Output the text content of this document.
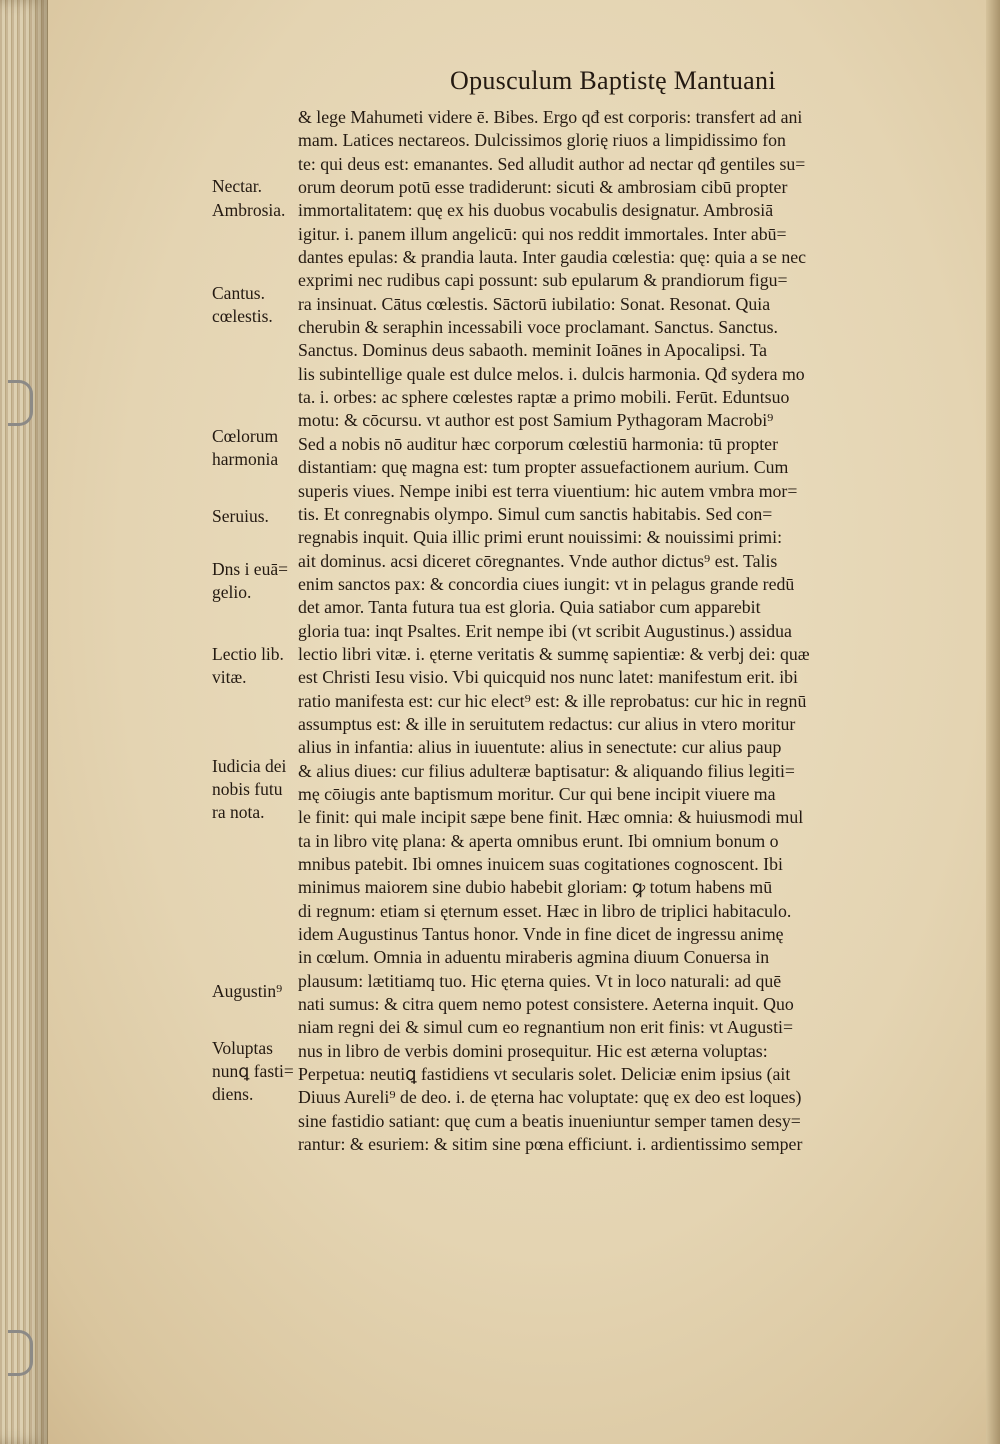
Opusculum Baptistę Mantuani
& lege Mahumeti videre ē. Bibes. Ergo qđ est corporis: transfert ad ani
mam. Latices nectareos. Dulcissimos glorię riuos a limpidissimo fon
te: qui deus est: emanantes. Sed alludit author ad nectar qđ gentiles su=
orum deorum potū esse tradiderunt: sicuti & ambrosiam cibū propter
immortalitatem: quę ex his duobus vocabulis designatur. Ambrosiā
igitur. i. panem illum angelicū: qui nos reddit immortales. Inter abū=
dantes epulas: & prandia lauta. Inter gaudia cœlestia: quę: quia a se nec
exprimi nec rudibus capi possunt: sub epularum & prandiorum figu=
ra insinuat. Cātus cœlestis. Sāctorū iubilatio: Sonat. Resonat. Quia
cherubin & seraphin incessabili voce proclamant. Sanctus. Sanctus.
Sanctus. Dominus deus sabaoth. meminit Ioānes in Apocalipsi. Ta
lis subintellige quale est dulce melos. i. dulcis harmonia. Qđ sydera mo
ta. i. orbes: ac sphere cœlestes raptæ a primo mobili. Ferūt. Eduntsuo
motu: & cōcursu. vt author est post Samium Pythagoram Macrobi⁹
Sed a nobis nō auditur hæc corporum cœlestiū harmonia: tū propter
distantiam: quę magna est: tum propter assuefactionem aurium. Cum
superis viues. Nempe inibi est terra viuentium: hic autem vmbra mor=
tis. Et conregnabis olympo. Simul cum sanctis habitabis. Sed con=
regnabis inquit. Quia illic primi erunt nouissimi: & nouissimi primi:
ait dominus. acsi diceret cōregnantes. Vnde author dictus⁹ est. Talis
enim sanctos pax: & concordia ciues iungit: vt in pelagus grande redū
det amor. Tanta futura tua est gloria. Quia satiabor cum apparebit
gloria tua: inqt Psaltes. Erit nempe ibi (vt scribit Augustinus.) assidua
lectio libri vitæ. i. ęterne veritatis & summę sapientiæ: & verbj dei: quæ
est Christi Iesu visio. Vbi quicquid nos nunc latet: manifestum erit. ibi
ratio manifesta est: cur hic elect⁹ est: & ille reprobatus: cur hic in regnū
assumptus est: & ille in seruitutem redactus: cur alius in vtero moritur
alius in infantia: alius in iuuentute: alius in senectute: cur alius paup
& alius diues: cur filius adulteræ baptisatur: & aliquando filius legiti=
mę cōiugis ante baptismum moritur. Cur qui bene incipit viuere ma
le finit: qui male incipit sæpe bene finit. Hæc omnia: & huiusmodi mul
ta in libro vitę plana: & aperta omnibus erunt. Ibi omnium bonum o
mnibus patebit. Ibi omnes inuicem suas cogitationes cognoscent. Ibi
minimus maiorem sine dubio habebit gloriam: ꝙ totum habens mū
di regnum: etiam si ęternum esset. Hæc in libro de triplici habitaculo.
idem Augustinus Tantus honor. Vnde in fine dicet de ingressu animę
in cœlum. Omnia in aduentu miraberis agmina diuum Conuersa in
plausum: lætitiamq tuo. Hic ęterna quies. Vt in loco naturali: ad quē
nati sumus: & citra quem nemo potest consistere. Aeterna inquit. Quo
niam regni dei & simul cum eo regnantium non erit finis: vt Augusti=
nus in libro de verbis domini prosequitur. Hic est æterna voluptas:
Perpetua: neutiꝗ fastidiens vt secularis solet. Deliciæ enim ipsius (ait
Diuus Aureli⁹ de deo. i. de ęterna hac voluptate: quę ex deo est loques)
sine fastidio satiant: quę cum a beatis inueniuntur semper tamen desy=
rantur: & esuriem: & sitim sine pœna efficiunt. i. ardientissimo semper
Nectar.
Ambrosia.
Cantus.
cœlestis.
Cœlorum
harmonia
Seruius.
Dns i euā=
gelio.
Lectio lib.
vitæ.
Iudicia dei
nobis futu
ra nota.
Augustin⁹
Voluptas
nunꝗ fasti=
diens.
